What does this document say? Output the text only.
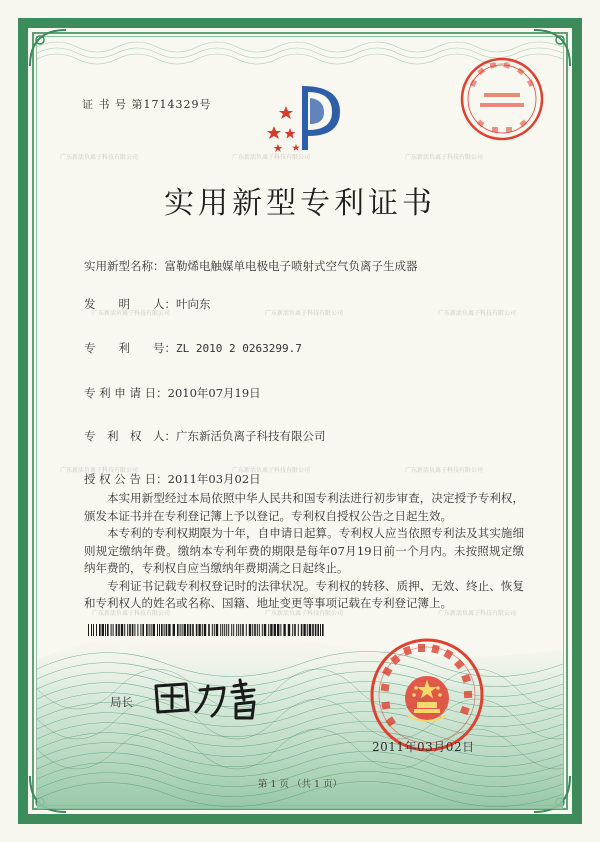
广东新活负离子科技有限公司	广东新活负离子科技有限公司	广东新活负离子科技有限公司
广东新活负离子科技有限公司	广东新活负离子科技有限公司	广东新活负离子科技有限公司
广东新活负离子科技有限公司	广东新活负离子科技有限公司	广东新活负离子科技有限公司
广东新活负离子科技有限公司	广东新活负离子科技有限公司	广东新活负离子科技有限公司
证 书 号 第1714329号
实用新型专利证书
实用新型名称：富勒烯电触媒单电极电子喷射式空气负离子生成器
发　　明　　人：叶向东
专　　利　　号：ZL 2010 2 0263299.7
专 利 申 请 日：2010年07月19日
专　利　权　人：广东新活负离子科技有限公司
授 权 公 告 日：2011年03月02日

本实用新型经过本局依照中华人民共和国专利法进行初步审查，决定授予专利权，颁发本证书并在专利登记簿上予以登记。专利权自授权公告之日起生效。

本专利的专利权期限为十年，自申请日起算。专利权人应当依照专利法及其实施细则规定缴纳年费。缴纳本专利年费的期限是每年07月19日前一个月内。未按照规定缴纳年费的，专利权自应当缴纳年费期满之日起终止。

专利证书记载专利权登记时的法律状况。专利权的转移、质押、无效、终止、恢复和专利权人的姓名或名称、国籍、地址变更等事项记载在专利登记簿上。

局长
2011年03月02日
第 1 页 （共 1 页）
